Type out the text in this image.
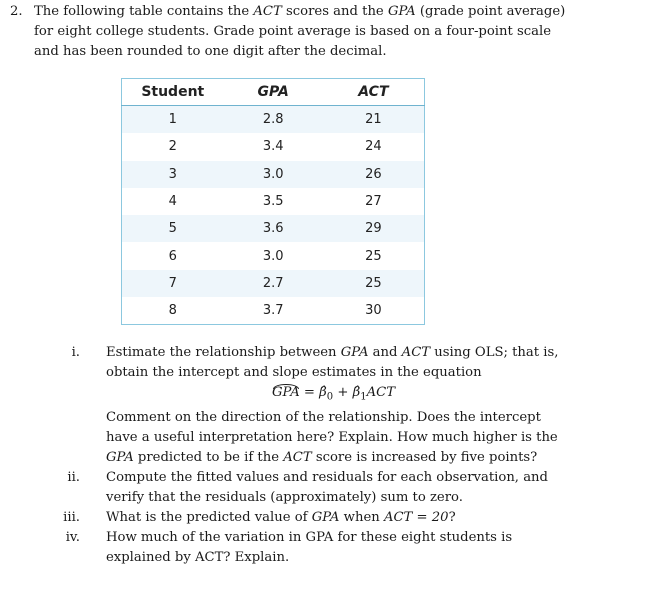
2. The following table contains the ACT scores and the GPA (grade point average) for eight college students. Grade point average is based on a four-point scale and has been rounded to one digit after the decimal.
Student	GPA	ACT
1	2.8	21
2	3.4	24
3	3.0	26
4	3.5	27
5	3.6	29
6	3.0	25
7	2.7	25
8	3.7	30
i. Estimate the relationship between GPA and ACT using OLS; that is, obtain the intercept and slope estimates in the equation
GPA = $\betâ_0$ + $\betâ_1ACT$
Comment on the direction of the relationship. Does the intercept have a useful interpretation here? Explain. How much higher is the GPA predicted to be if the ACT score is increased by five points?
ii. Compute the fitted values and residuals for each observation, and verify that the residuals (approximately) sum to zero.
iii. What is the predicted value of GPA when ACT = 20?
iv. How much of the variation in GPA for these eight students is explained by ACT? Explain.
